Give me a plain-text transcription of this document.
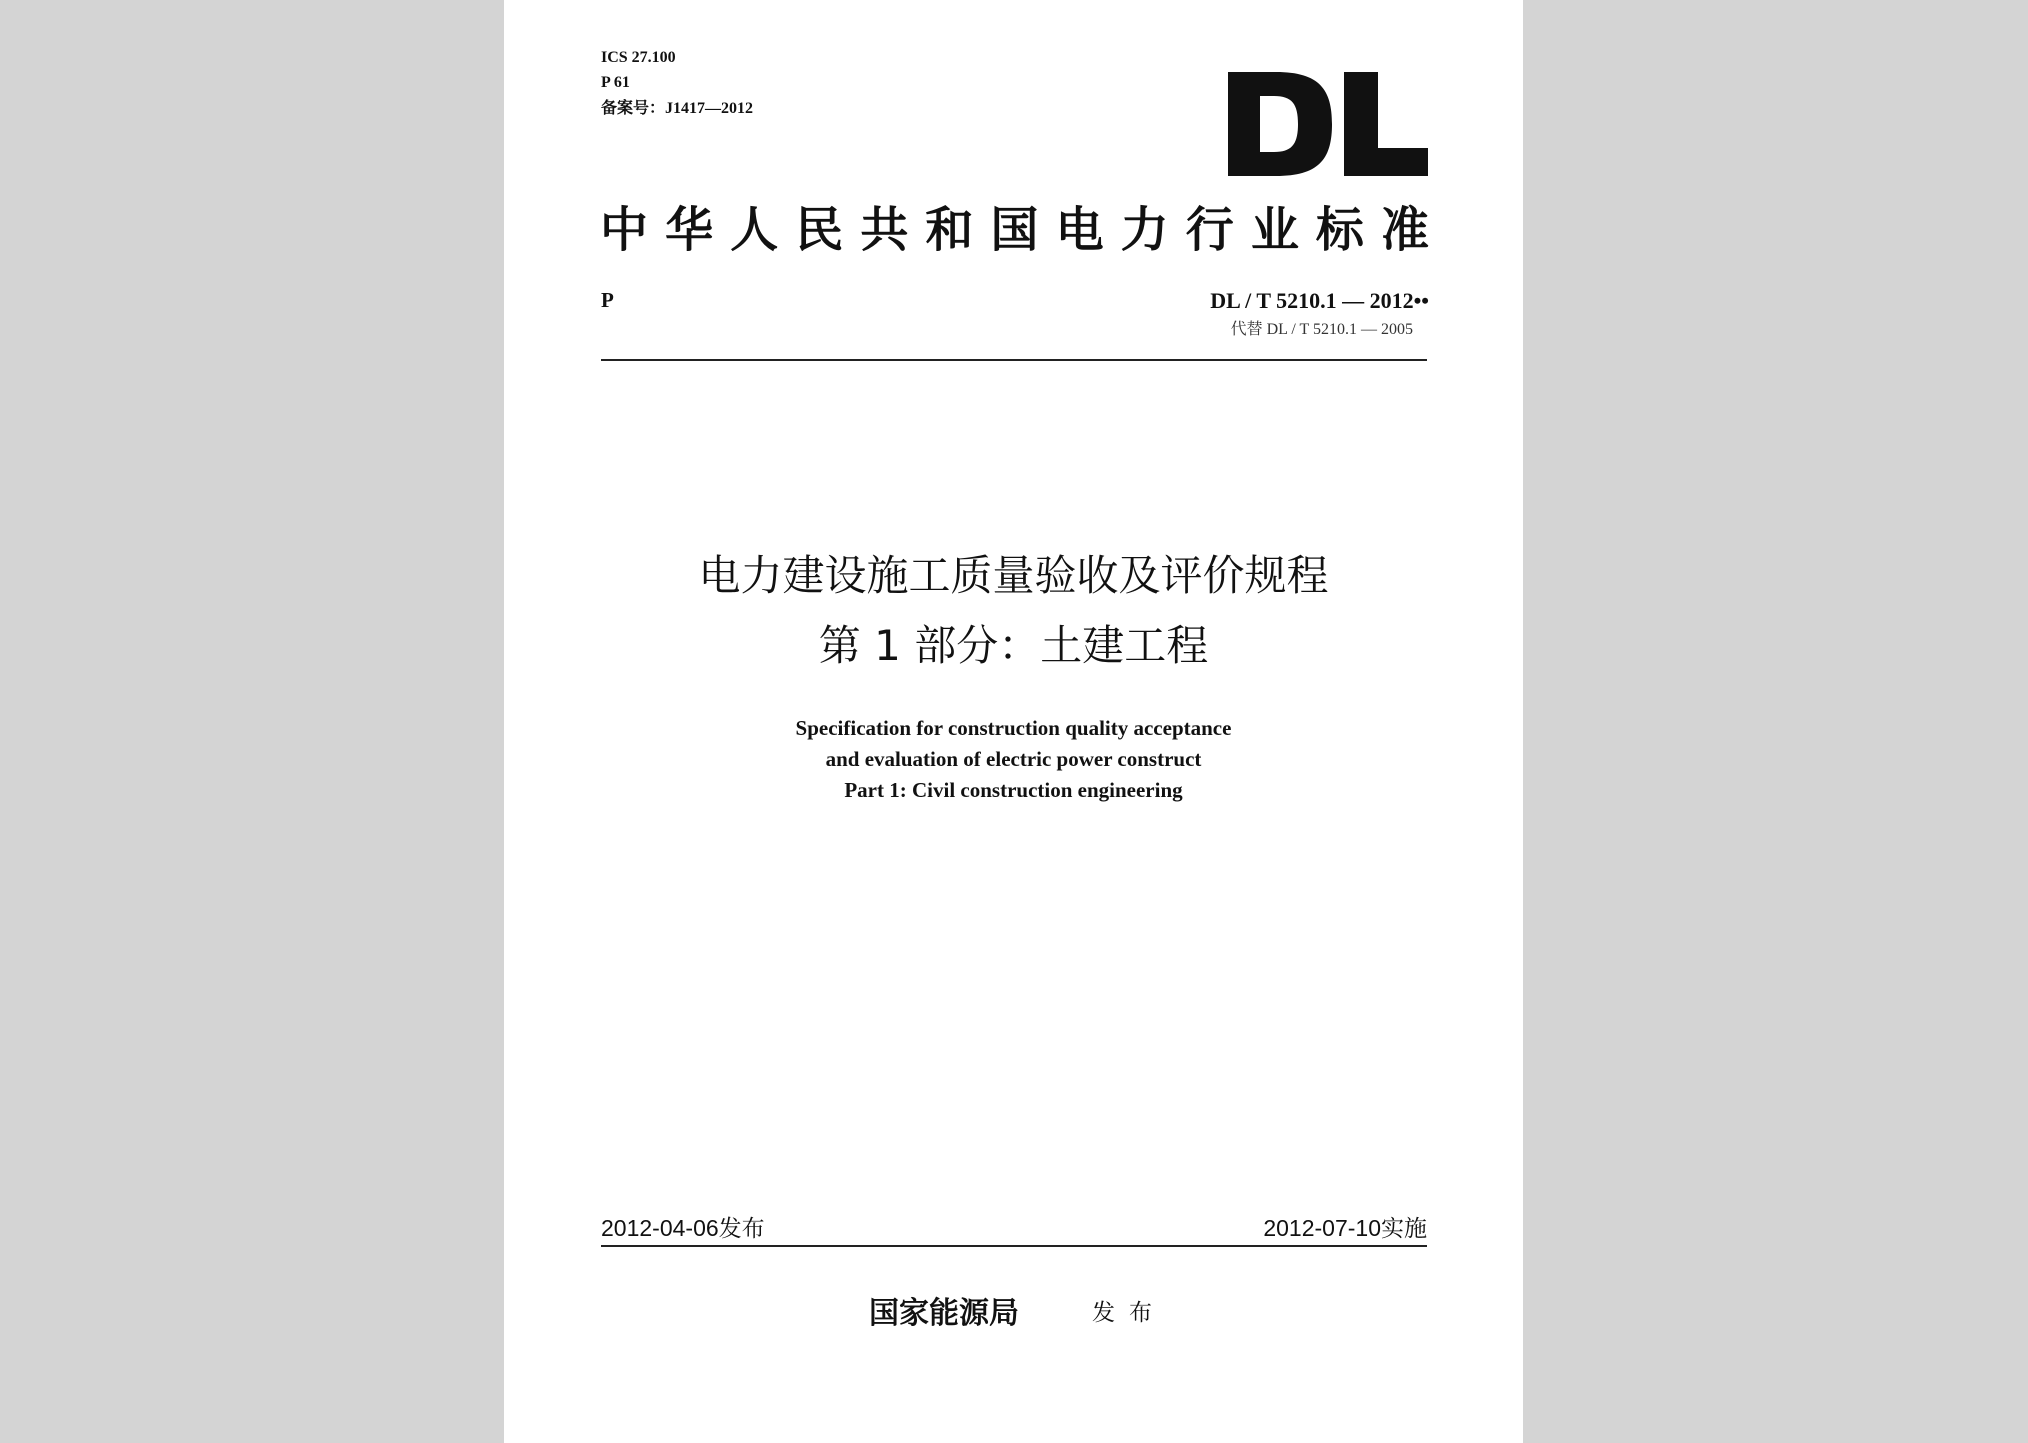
ICS 27.100
P 61
备案号：J1417—2012
中华人民共和国电力行业标准
P	DL / T 5210.1 — 2012••
代替 DL / T 5210.1 — 2005
电力建设施工质量验收及评价规程
第 1 部分：土建工程
Specification for construction quality acceptance
and evaluation of electric power construct
Part 1: Civil construction engineering
2012-04-06发布	2012-07-10实施
国家能源局	发布
